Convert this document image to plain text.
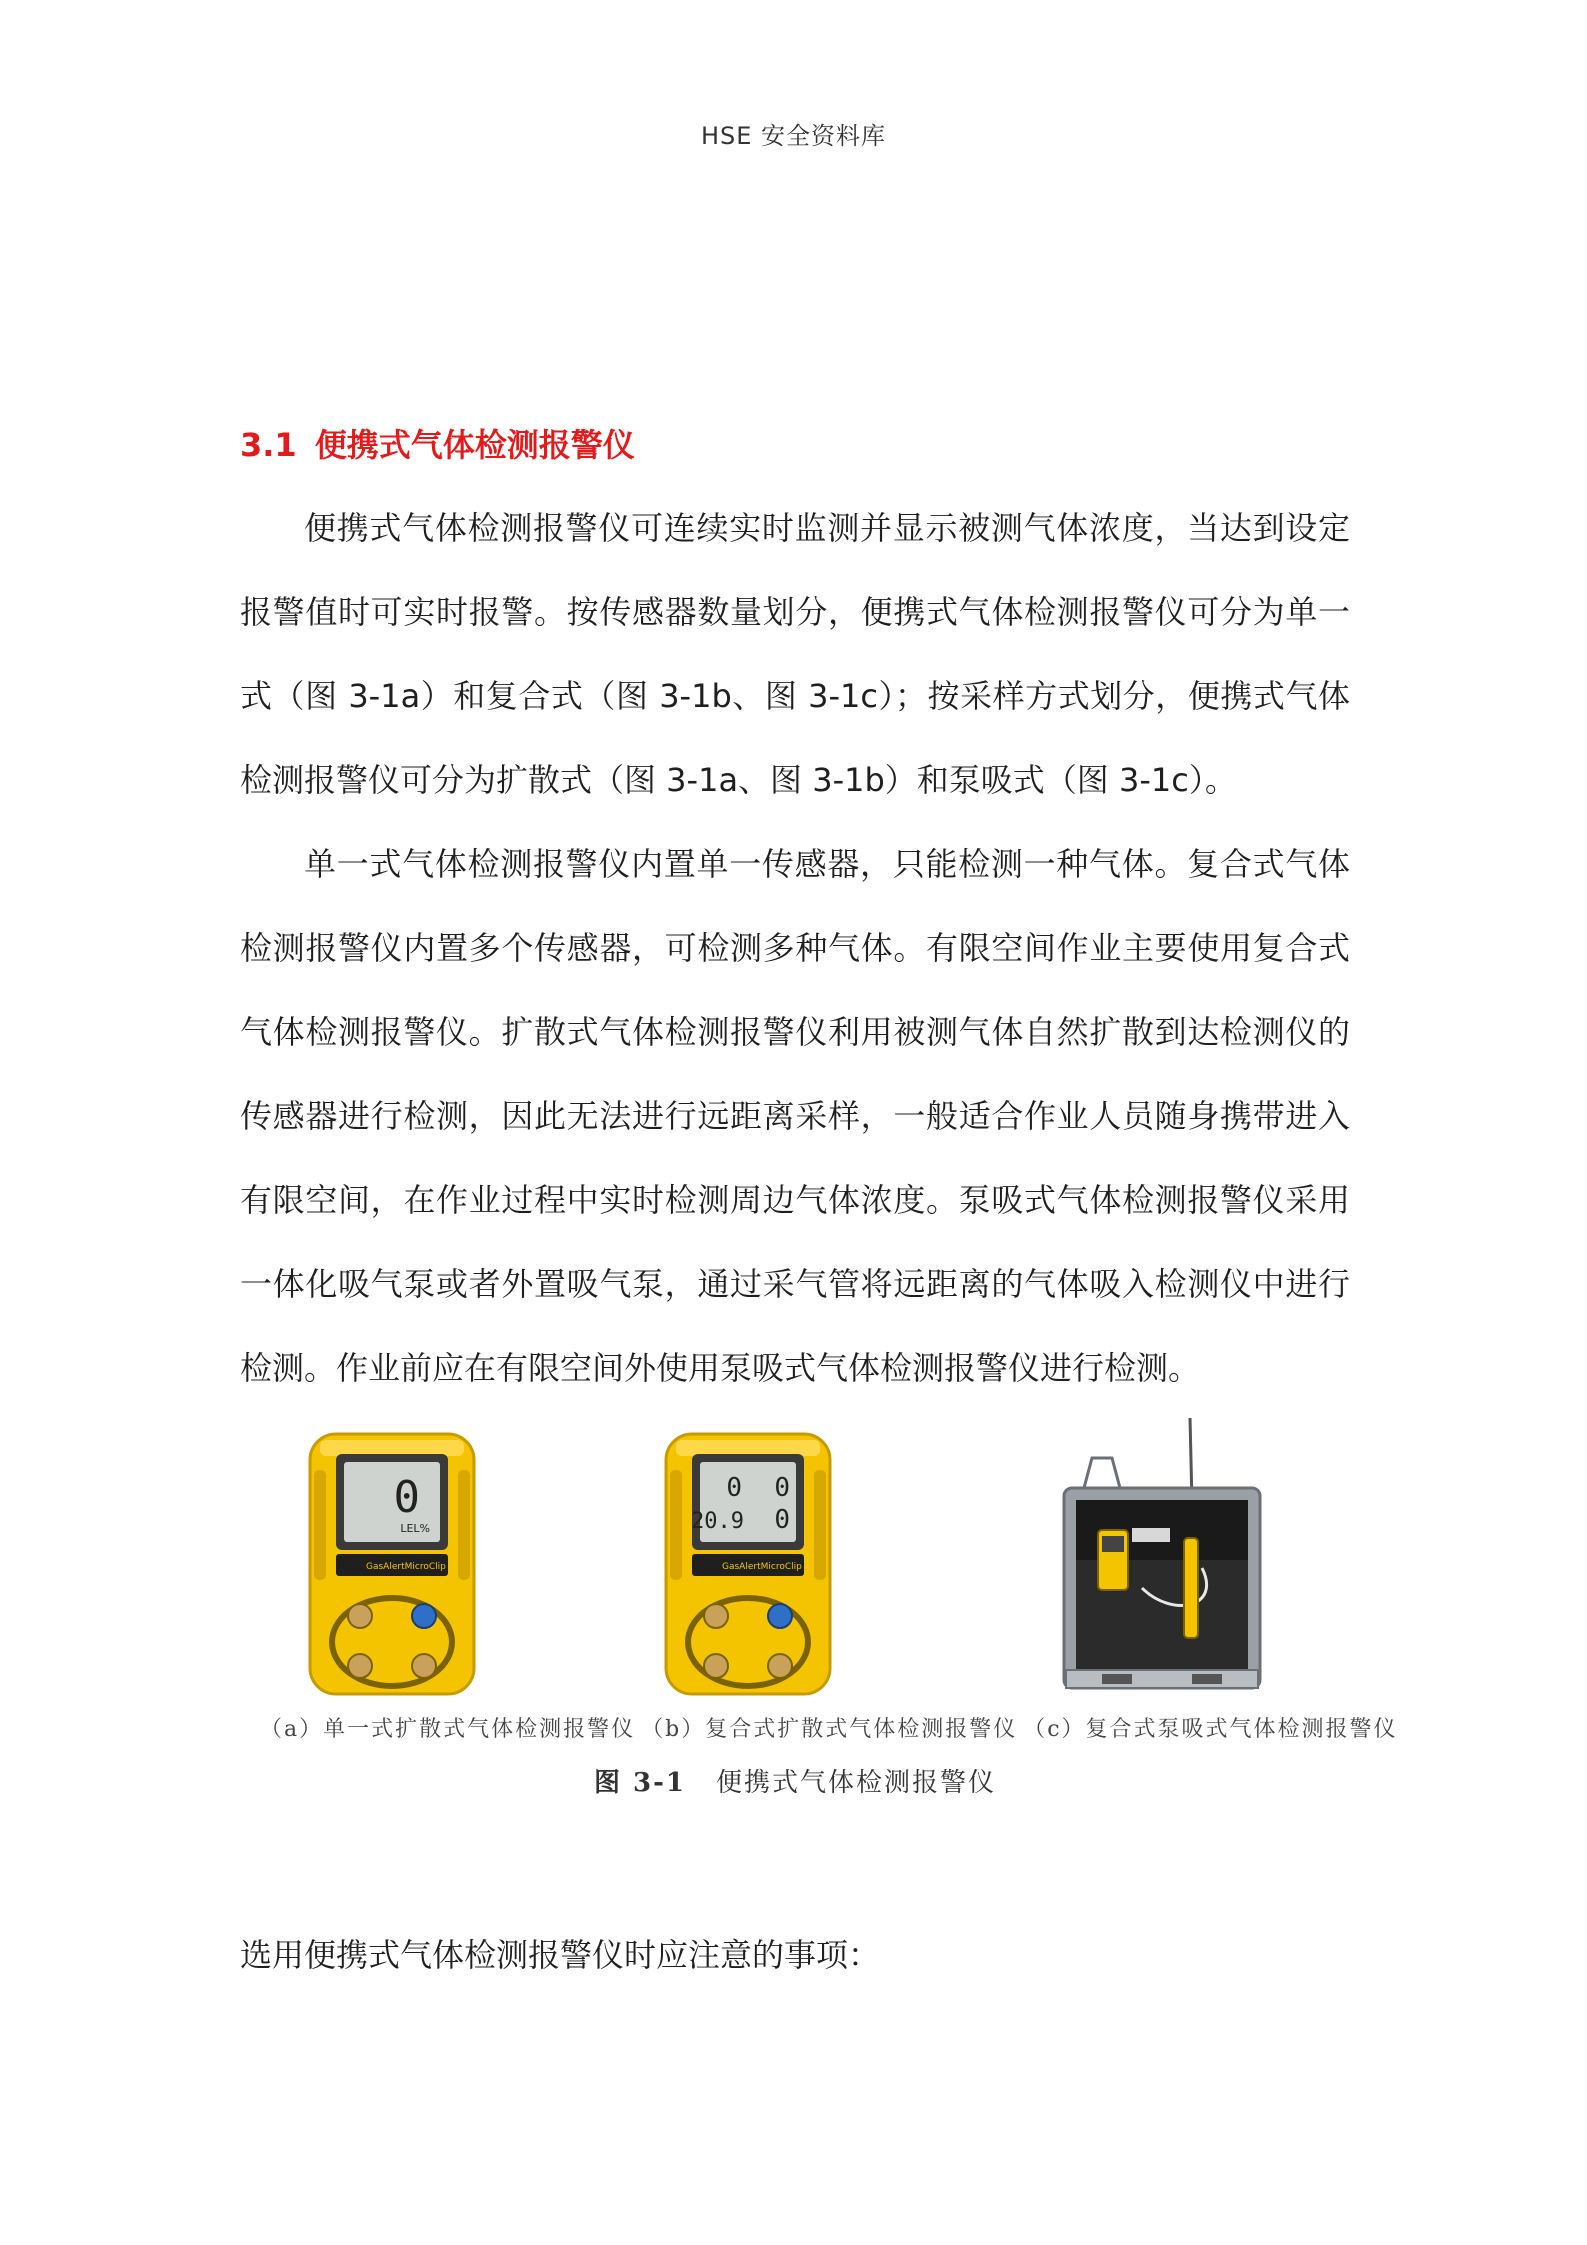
HSE 安全资料库
3.1 便携式气体检测报警仪

便携式气体检测报警仪可连续实时监测并显示被测气体浓度，当达到设定报警值时可实时报警。按传感器数量划分，便携式气体检测报警仪可分为单一式（图 3-1a）和复合式（图 3-1b、图 3-1c）；按采样方式划分，便携式气体检测报警仪可分为扩散式（图 3-1a、图 3-1b）和泵吸式（图 3-1c）。

单一式气体检测报警仪内置单一传感器，只能检测一种气体。复合式气体检测报警仪内置多个传感器，可检测多种气体。有限空间作业主要使用复合式气体检测报警仪。扩散式气体检测报警仪利用被测气体自然扩散到达检测仪的传感器进行检测，因此无法进行远距离采样，一般适合作业人员随身携带进入有限空间，在作业过程中实时检测周边气体浓度。泵吸式气体检测报警仪采用一体化吸气泵或者外置吸气泵，通过采气管将远距离的气体吸入检测仪中进行检测。作业前应在有限空间外使用泵吸式气体检测报警仪进行检测。

0
LEL%
GasAlertMicroClip
0 0
20.9 0
GasAlertMicroClip
（a）单一式扩散式气体检测报警仪 （b）复合式扩散式气体检测报警仪 （c）复合式泵吸式气体检测报警仪
图 3-1 便携式气体检测报警仪
选用便携式气体检测报警仪时应注意的事项：
